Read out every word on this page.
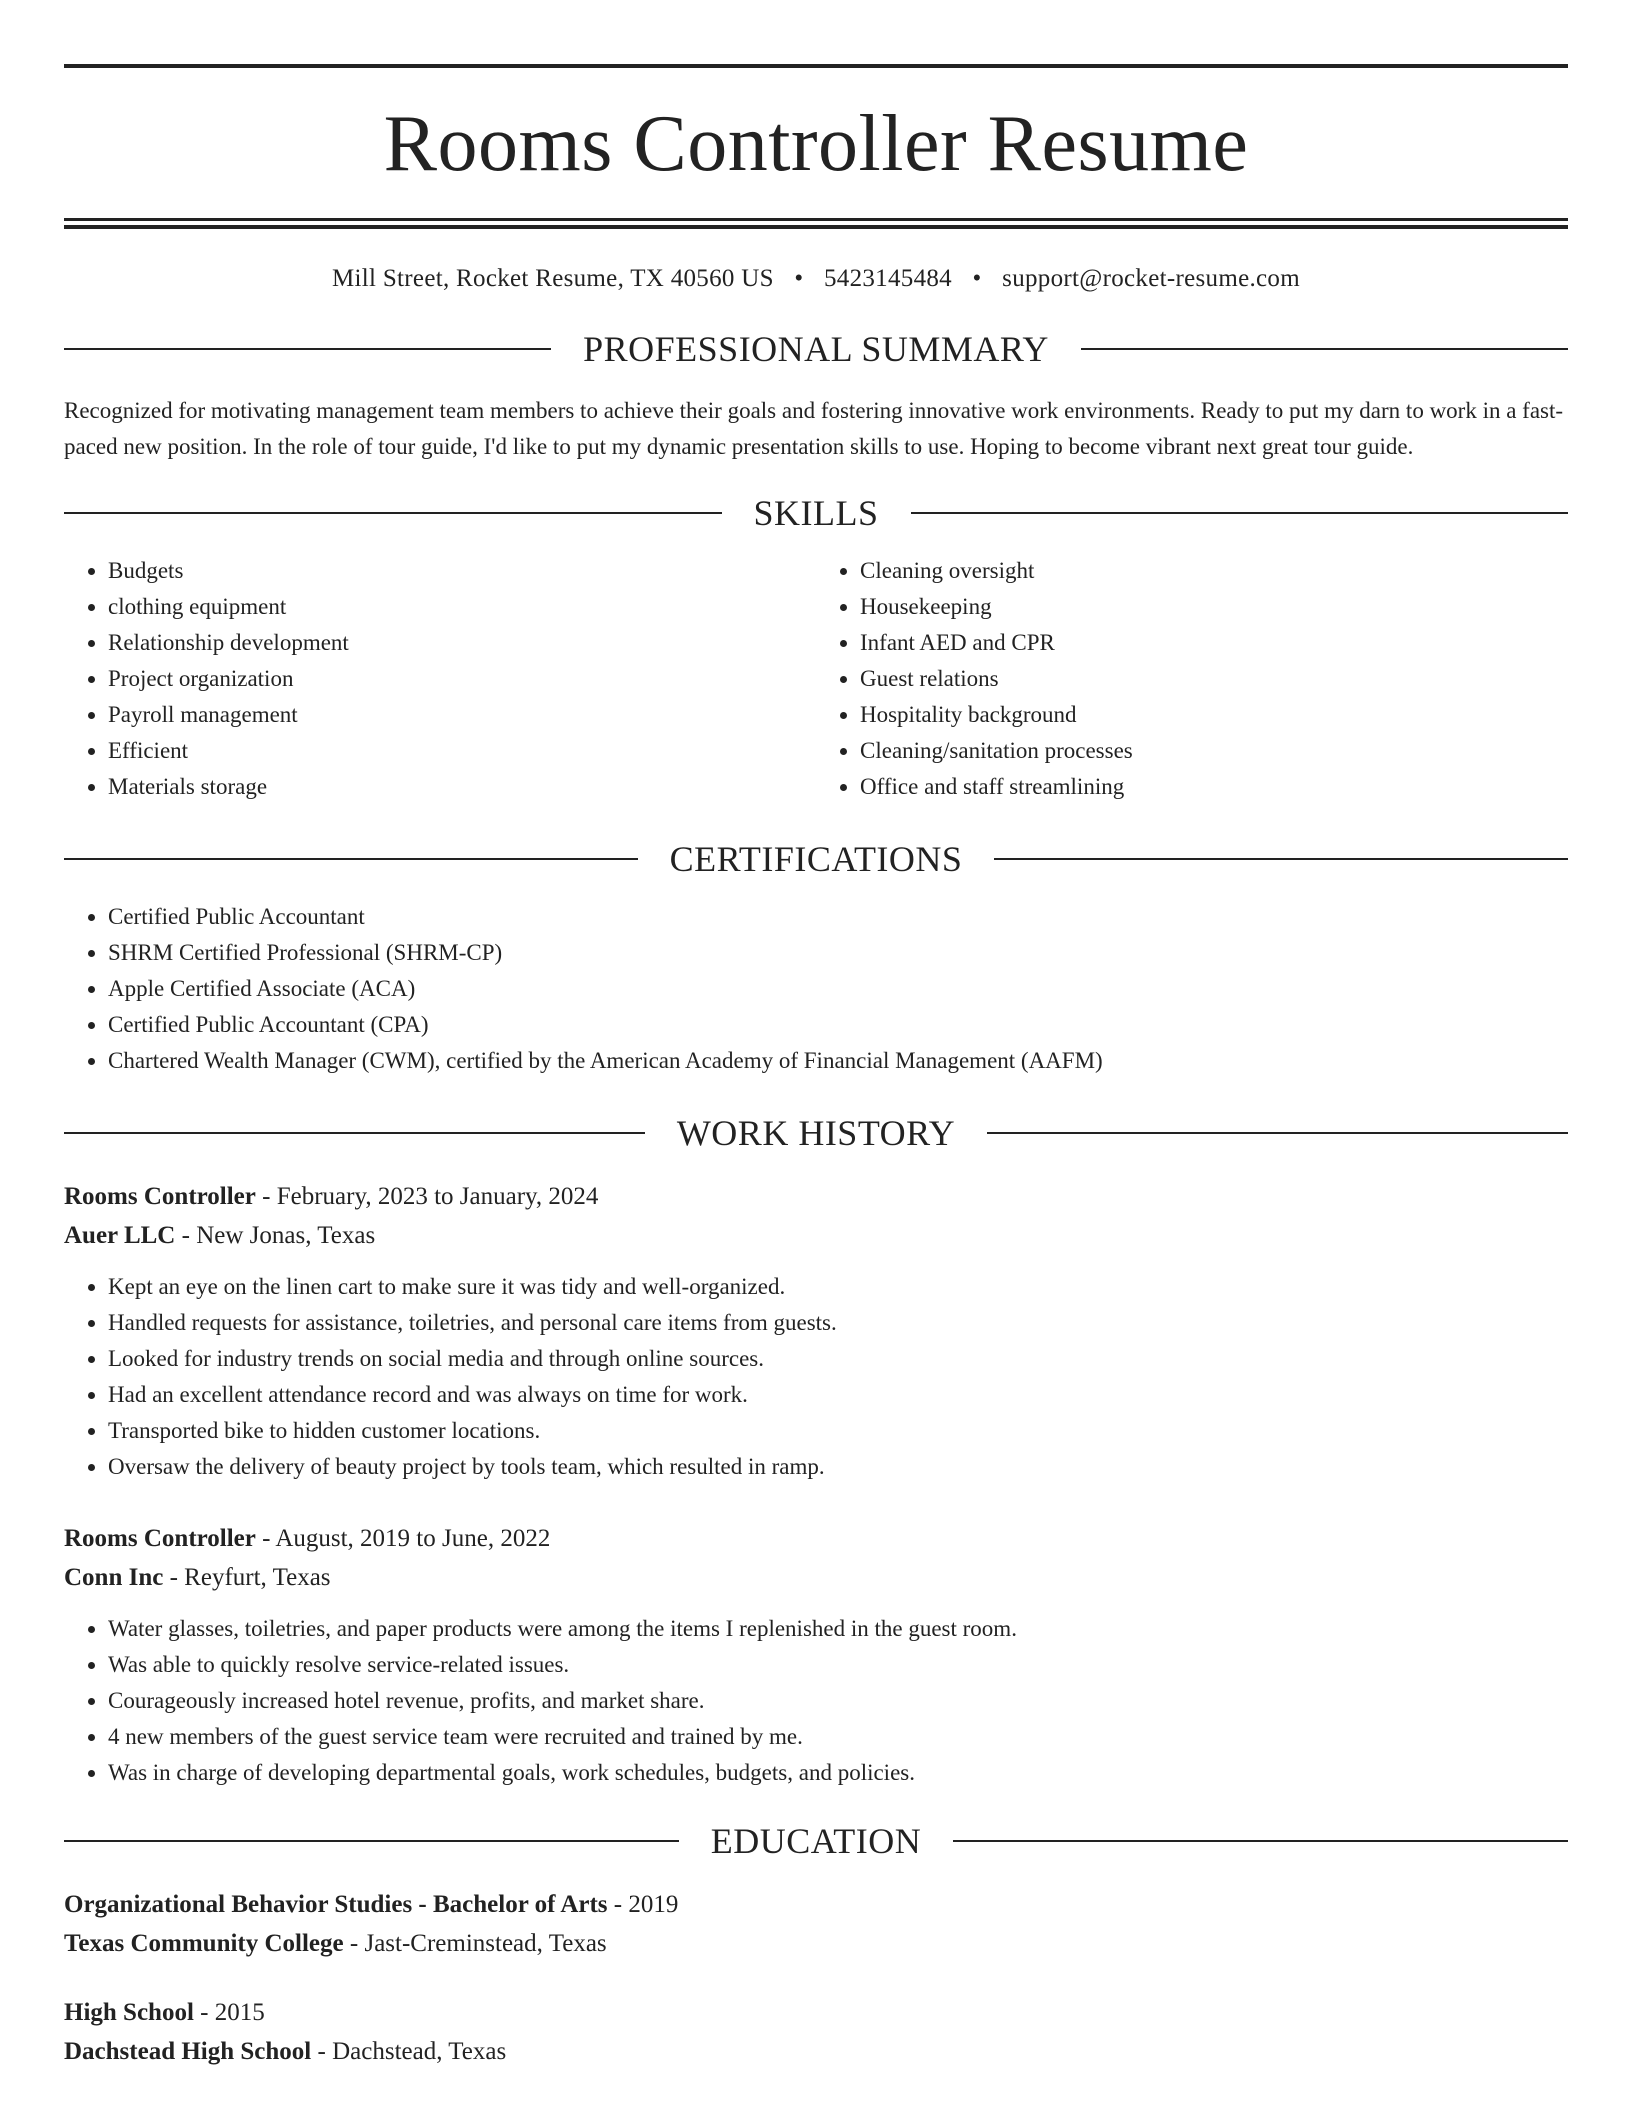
Rooms Controller Resume
Mill Street, Rocket Resume, TX 40560 US • 5423145484 • support@rocket-resume.com
PROFESSIONAL SUMMARY

Recognized for motivating management team members to achieve their goals and fostering innovative work environments. Ready to put my darn to work in a fast-paced new position. In the role of tour guide, I'd like to put my dynamic presentation skills to use. Hoping to become vibrant next great tour guide.

SKILLS
• Budgets
• clothing equipment
• Relationship development
• Project organization
• Payroll management
• Efficient
• Materials storage
• Cleaning oversight
• Housekeeping
• Infant AED and CPR
• Guest relations
• Hospitality background
• Cleaning/sanitation processes
• Office and staff streamlining
CERTIFICATIONS
• Certified Public Accountant
• SHRM Certified Professional (SHRM-CP)
• Apple Certified Associate (ACA)
• Certified Public Accountant (CPA)
• Chartered Wealth Manager (CWM), certified by the American Academy of Financial Management (AAFM)
WORK HISTORY
Rooms Controller - February, 2023 to January, 2024
Auer LLC - New Jonas, Texas
• Kept an eye on the linen cart to make sure it was tidy and well-organized.
• Handled requests for assistance, toiletries, and personal care items from guests.
• Looked for industry trends on social media and through online sources.
• Had an excellent attendance record and was always on time for work.
• Transported bike to hidden customer locations.
• Oversaw the delivery of beauty project by tools team, which resulted in ramp.
Rooms Controller - August, 2019 to June, 2022
Conn Inc - Reyfurt, Texas
• Water glasses, toiletries, and paper products were among the items I replenished in the guest room.
• Was able to quickly resolve service-related issues.
• Courageously increased hotel revenue, profits, and market share.
• 4 new members of the guest service team were recruited and trained by me.
• Was in charge of developing departmental goals, work schedules, budgets, and policies.
EDUCATION
Organizational Behavior Studies - Bachelor of Arts - 2019
Texas Community College - Jast-Creminstead, Texas
High School - 2015
Dachstead High School - Dachstead, Texas
